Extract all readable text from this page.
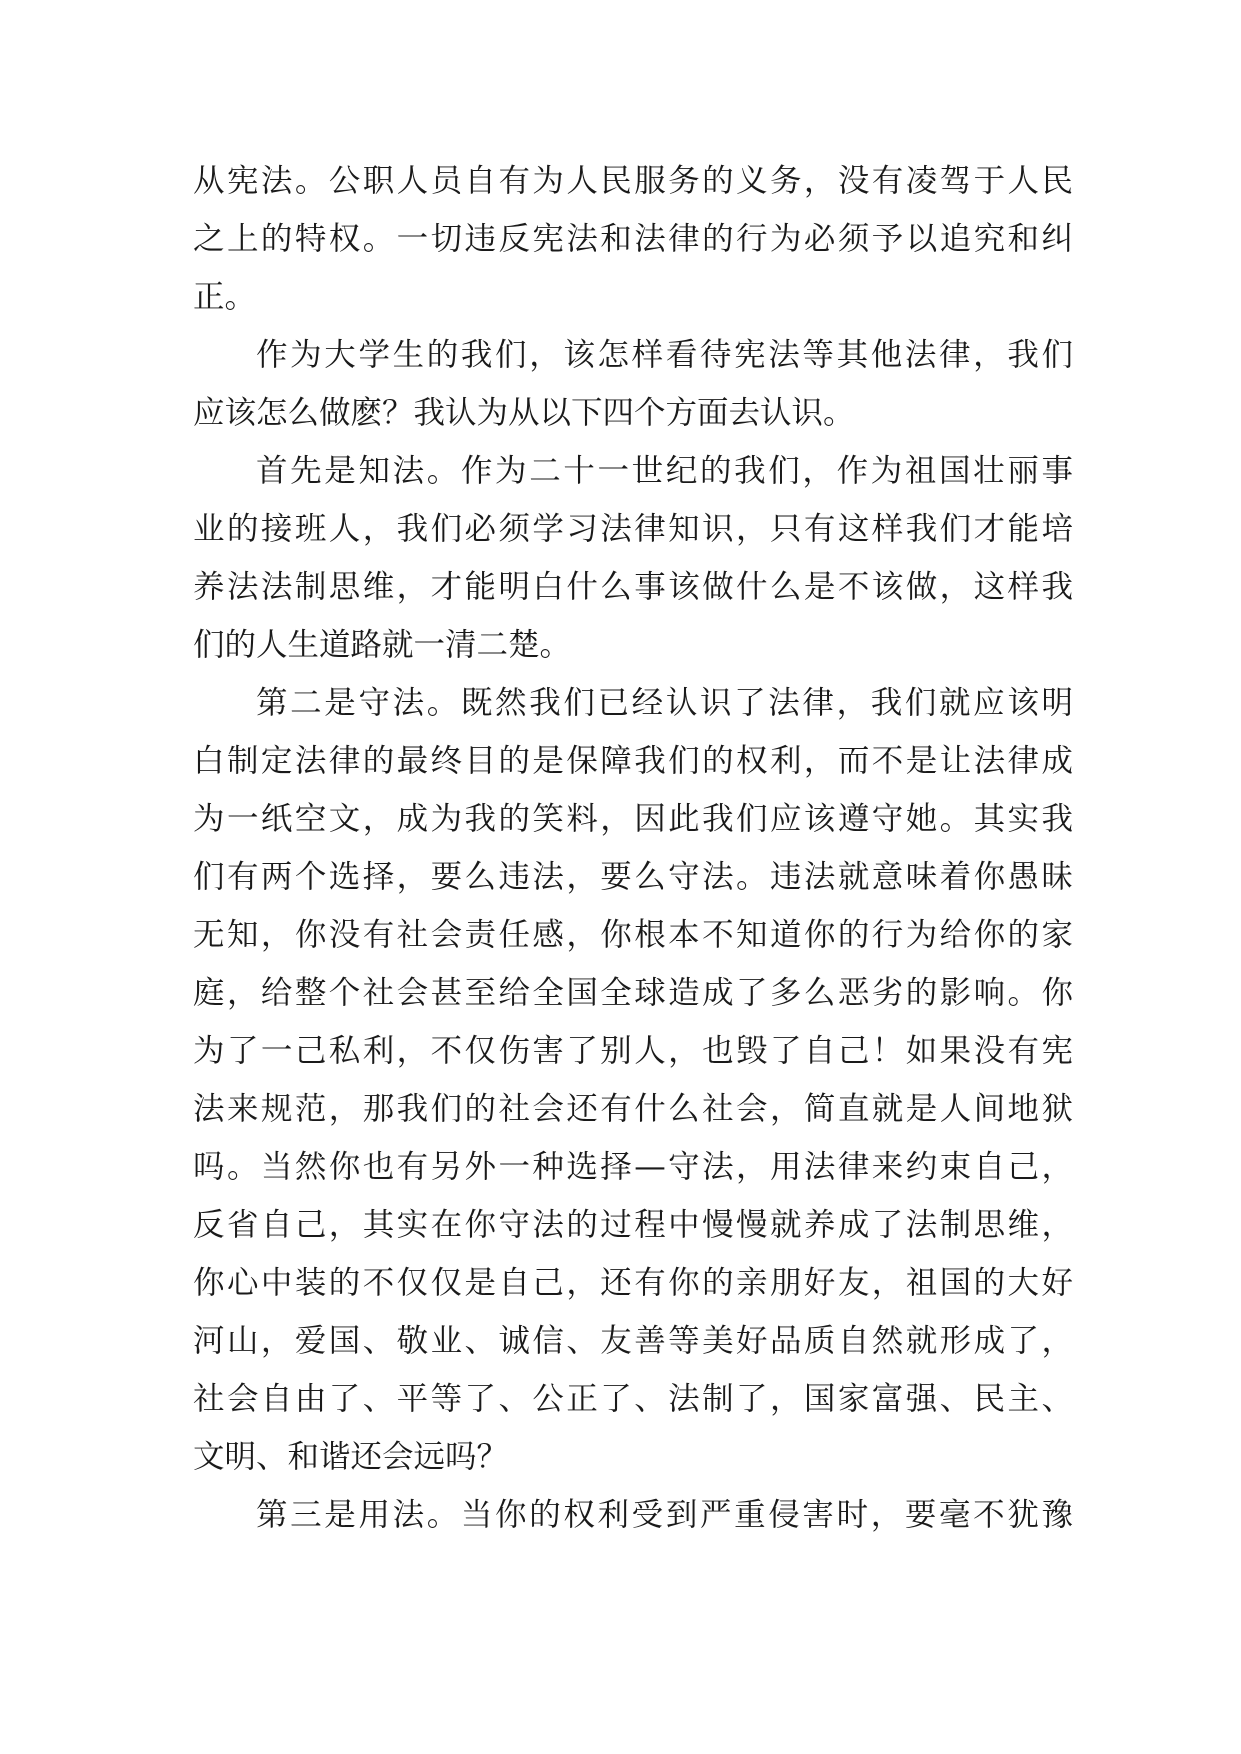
从宪法。公职人员自有为人民服务的义务，没有凌驾于人民
之上的特权。一切违反宪法和法律的行为必须予以追究和纠
正。
作为大学生的我们，该怎样看待宪法等其他法律，我们
应该怎么做麽？我认为从以下四个方面去认识。
首先是知法。作为二十一世纪的我们，作为祖国壮丽事
业的接班人，我们必须学习法律知识，只有这样我们才能培
养法法制思维，才能明白什么事该做什么是不该做，这样我
们的人生道路就一清二楚。
第二是守法。既然我们已经认识了法律，我们就应该明
白制定法律的最终目的是保障我们的权利，而不是让法律成
为一纸空文，成为我的笑料，因此我们应该遵守她。其实我
们有两个选择，要么违法，要么守法。违法就意味着你愚昧
无知，你没有社会责任感，你根本不知道你的行为给你的家
庭，给整个社会甚至给全国全球造成了多么恶劣的影响。你
为了一己私利，不仅伤害了别人，也毁了自己！如果没有宪
法来规范，那我们的社会还有什么社会，简直就是人间地狱
吗。当然你也有另外一种选择—守法，用法律来约束自己，
反省自己，其实在你守法的过程中慢慢就养成了法制思维，
你心中装的不仅仅是自己，还有你的亲朋好友，祖国的大好
河山，爱国、敬业、诚信、友善等美好品质自然就形成了，
社会自由了、平等了、公正了、法制了，国家富强、民主、
文明、和谐还会远吗？
第三是用法。当你的权利受到严重侵害时，要毫不犹豫
